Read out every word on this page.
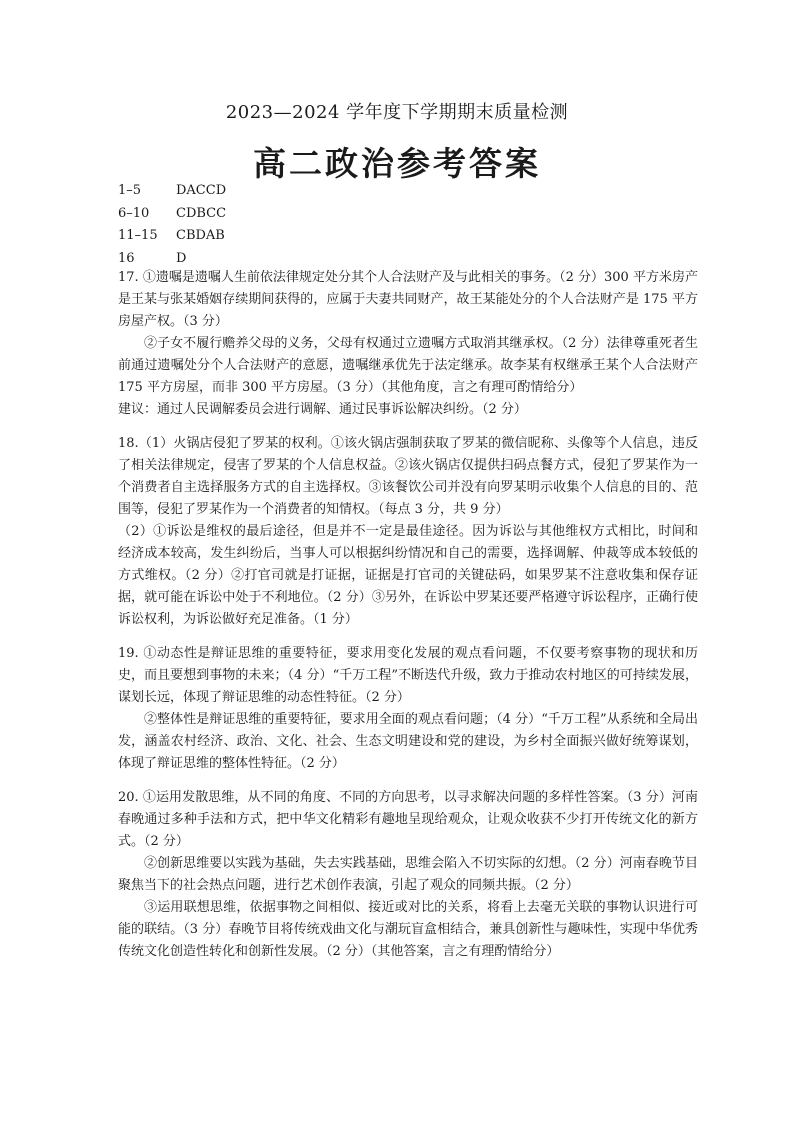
2023—2024 学年度下学期期末质量检测
高二政治参考答案
1–5	DACCD
6–10	CDBCC
11–15	CBDAB
16	D

17. ①遗嘱是遗嘱人生前依法律规定处分其个人合法财产及与此相关的事务。（2 分）300 平方米房产是王某与张某婚姻存续期间获得的，应属于夫妻共同财产，故王某能处分的个人合法财产是 175 平方房屋产权。（3 分）

②子女不履行赡养父母的义务，父母有权通过立遗嘱方式取消其继承权。（2 分）法律尊重死者生前通过遗嘱处分个人合法财产的意愿，遗嘱继承优先于法定继承。故李某有权继承王某个人合法财产 175 平方房屋，而非 300 平方房屋。（3 分）（其他角度，言之有理可酌情给分）

建议：通过人民调解委员会进行调解、通过民事诉讼解决纠纷。（2 分）

18.（1）火锅店侵犯了罗某的权利。①该火锅店强制获取了罗某的微信昵称、头像等个人信息，违反了相关法律规定，侵害了罗某的个人信息权益。②该火锅店仅提供扫码点餐方式，侵犯了罗某作为一个消费者自主选择服务方式的自主选择权。③该餐饮公司并没有向罗某明示收集个人信息的目的、范围等，侵犯了罗某作为一个消费者的知情权。（每点 3 分，共 9 分）

（2）①诉讼是维权的最后途径，但是并不一定是最佳途径。因为诉讼与其他维权方式相比，时间和经济成本较高，发生纠纷后，当事人可以根据纠纷情况和自己的需要，选择调解、仲裁等成本较低的方式维权。（2 分）②打官司就是打证据，证据是打官司的关键砝码，如果罗某不注意收集和保存证据，就可能在诉讼中处于不利地位。（2 分）③另外，在诉讼中罗某还要严格遵守诉讼程序，正确行使诉讼权利，为诉讼做好充足准备。（1 分）

19. ①动态性是辩证思维的重要特征，要求用变化发展的观点看问题，不仅要考察事物的现状和历史，而且要想到事物的未来；（4 分）“千万工程”不断迭代升级，致力于推动农村地区的可持续发展，谋划长远，体现了辩证思维的动态性特征。（2 分）

②整体性是辩证思维的重要特征，要求用全面的观点看问题；（4 分）“千万工程”从系统和全局出发，涵盖农村经济、政治、文化、社会、生态文明建设和党的建设，为乡村全面振兴做好统筹谋划，体现了辩证思维的整体性特征。（2 分）

20. ①运用发散思维，从不同的角度、不同的方向思考，以寻求解决问题的多样性答案。（3 分）河南春晚通过多种手法和方式，把中华文化精彩有趣地呈现给观众，让观众收获不少打开传统文化的新方式。（2 分）

②创新思维要以实践为基础，失去实践基础，思维会陷入不切实际的幻想。（2 分）河南春晚节目聚焦当下的社会热点问题，进行艺术创作表演，引起了观众的同频共振。（2 分）

③运用联想思维，依据事物之间相似、接近或对比的关系，将看上去毫无关联的事物认识进行可能的联结。（3 分）春晚节目将传统戏曲文化与潮玩盲盒相结合，兼具创新性与趣味性，实现中华优秀传统文化创造性转化和创新性发展。（2 分）（其他答案，言之有理酌情给分）
